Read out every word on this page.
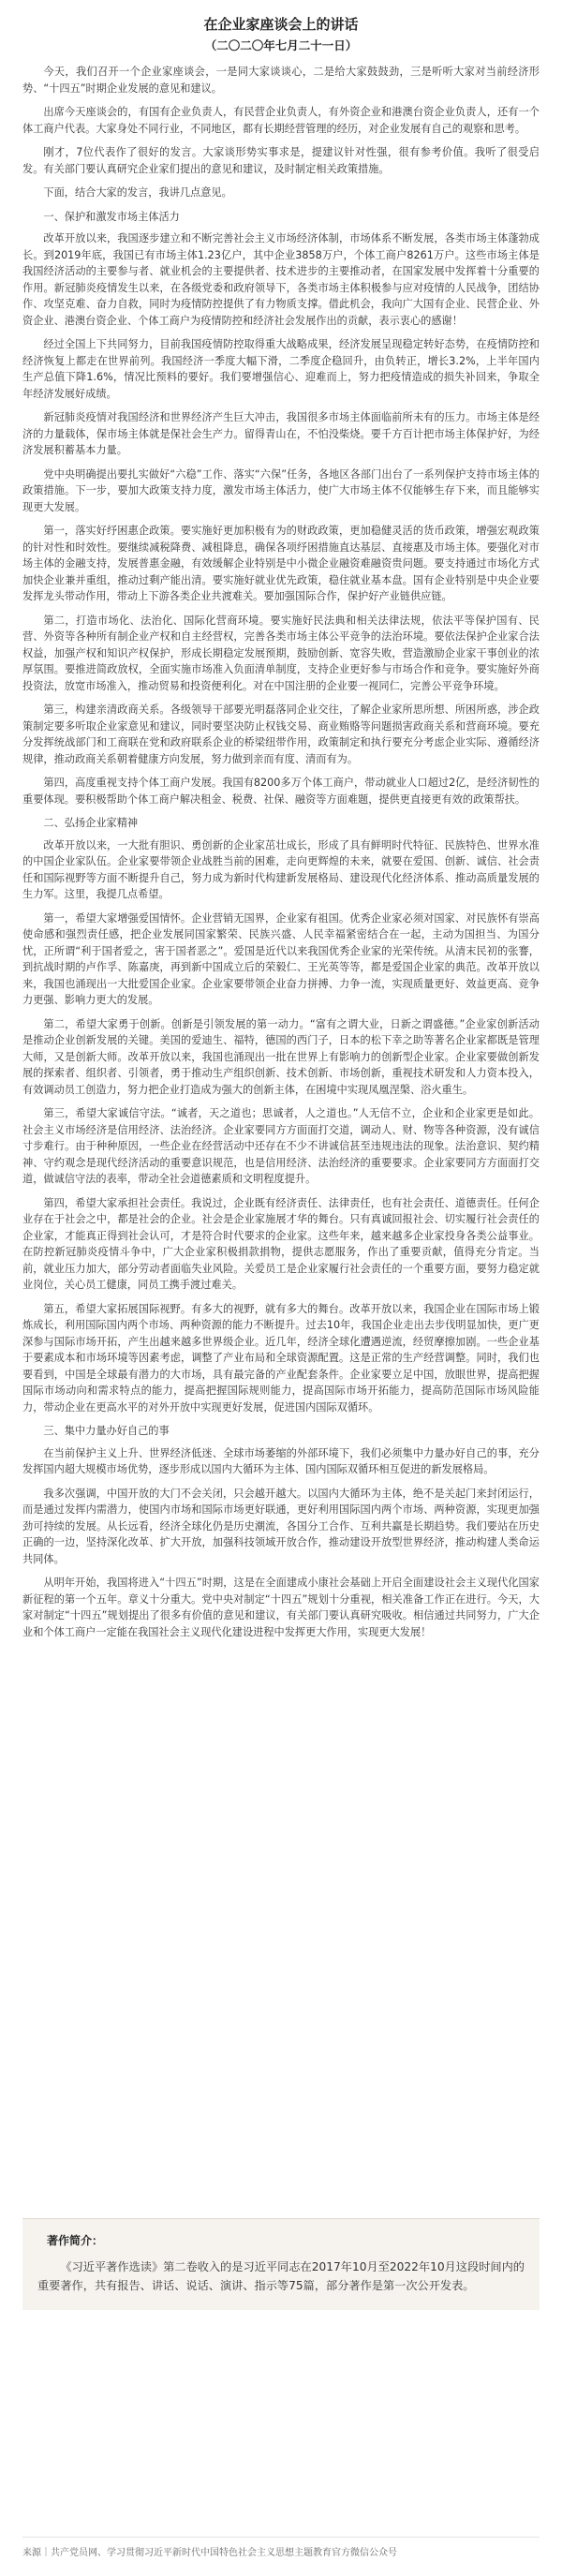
在企业家座谈会上的讲话
（二〇二〇年七月二十一日）

今天，我们召开一个企业家座谈会，一是同大家谈谈心，二是给大家鼓鼓劲，三是听听大家对当前经济形势、“十四五”时期企业发展的意见和建议。

出席今天座谈会的，有国有企业负责人，有民营企业负责人，有外资企业和港澳台资企业负责人，还有一个体工商户代表。大家身处不同行业，不同地区，都有长期经营管理的经历，对企业发展有自己的观察和思考。

刚才，7位代表作了很好的发言。大家谈形势实事求是，提建议针对性强，很有参考价值。我听了很受启发。有关部门要认真研究企业家们提出的意见和建议，及时制定相关政策措施。

下面，结合大家的发言，我讲几点意见。

一、保护和激发市场主体活力

改革开放以来，我国逐步建立和不断完善社会主义市场经济体制，市场体系不断发展，各类市场主体蓬勃成长。到2019年底，我国已有市场主体1.23亿户，其中企业3858万户，个体工商户8261万户。这些市场主体是我国经济活动的主要参与者、就业机会的主要提供者、技术进步的主要推动者，在国家发展中发挥着十分重要的作用。新冠肺炎疫情发生以来，在各级党委和政府领导下，各类市场主体积极参与应对疫情的人民战争，团结协作、攻坚克难、奋力自救，同时为疫情防控提供了有力物质支撑。借此机会，我向广大国有企业、民营企业、外资企业、港澳台资企业、个体工商户为疫情防控和经济社会发展作出的贡献，表示衷心的感谢！

经过全国上下共同努力，目前我国疫情防控取得重大战略成果，经济发展呈现稳定转好态势，在疫情防控和经济恢复上都走在世界前列。我国经济一季度大幅下滑，二季度企稳回升，由负转正，增长3.2%，上半年国内生产总值下降1.6%，情况比预料的要好。我们要增强信心、迎难而上，努力把疫情造成的损失补回来，争取全年经济发展好成绩。

新冠肺炎疫情对我国经济和世界经济产生巨大冲击，我国很多市场主体面临前所未有的压力。市场主体是经济的力量载体，保市场主体就是保社会生产力。留得青山在，不怕没柴烧。要千方百计把市场主体保护好，为经济发展积蓄基本力量。

党中央明确提出要扎实做好“六稳”工作、落实“六保”任务，各地区各部门出台了一系列保护支持市场主体的政策措施。下一步，要加大政策支持力度，激发市场主体活力，使广大市场主体不仅能够生存下来，而且能够实现更大发展。

第一，落实好纾困惠企政策。要实施好更加积极有为的财政政策，更加稳健灵活的货币政策，增强宏观政策的针对性和时效性。要继续减税降费、减租降息，确保各项纾困措施直达基层、直接惠及市场主体。要强化对市场主体的金融支持，发展普惠金融，有效缓解企业特别是中小微企业融资难融资贵问题。要支持通过市场化方式加快企业兼并重组，推动过剩产能出清。要实施好就业优先政策，稳住就业基本盘。国有企业特别是中央企业要发挥龙头带动作用，带动上下游各类企业共渡难关。要加强国际合作，保护好产业链供应链。

第二，打造市场化、法治化、国际化营商环境。要实施好民法典和相关法律法规，依法平等保护国有、民营、外资等各种所有制企业产权和自主经营权，完善各类市场主体公平竞争的法治环境。要依法保护企业家合法权益，加强产权和知识产权保护，形成长期稳定发展预期，鼓励创新、宽容失败，营造激励企业家干事创业的浓厚氛围。要推进简政放权，全面实施市场准入负面清单制度，支持企业更好参与市场合作和竞争。要实施好外商投资法，放宽市场准入，推动贸易和投资便利化。对在中国注册的企业要一视同仁，完善公平竞争环境。

第三，构建亲清政商关系。各级领导干部要光明磊落同企业交往，了解企业家所思所想、所困所惑，涉企政策制定要多听取企业家意见和建议，同时要坚决防止权钱交易、商业贿赂等问题损害政商关系和营商环境。要充分发挥统战部门和工商联在党和政府联系企业的桥梁纽带作用，政策制定和执行要充分考虑企业实际、遵循经济规律，推动政商关系朝着健康方向发展，努力做到亲而有度、清而有为。

第四，高度重视支持个体工商户发展。我国有8200多万个体工商户，带动就业人口超过2亿，是经济韧性的重要体现。要积极帮助个体工商户解决租金、税费、社保、融资等方面难题，提供更直接更有效的政策帮扶。

二、弘扬企业家精神

改革开放以来，一大批有胆识、勇创新的企业家茁壮成长，形成了具有鲜明时代特征、民族特色、世界水准的中国企业家队伍。企业家要带领企业战胜当前的困难，走向更辉煌的未来，就要在爱国、创新、诚信、社会责任和国际视野等方面不断提升自己，努力成为新时代构建新发展格局、建设现代化经济体系、推动高质量发展的生力军。这里，我提几点希望。

第一，希望大家增强爱国情怀。企业营销无国界，企业家有祖国。优秀企业家必须对国家、对民族怀有崇高使命感和强烈责任感，把企业发展同国家繁荣、民族兴盛、人民幸福紧密结合在一起，主动为国担当、为国分忧，正所谓“利于国者爱之，害于国者恶之”。爱国是近代以来我国优秀企业家的光荣传统。从清末民初的张謇，到抗战时期的卢作孚、陈嘉庚，再到新中国成立后的荣毅仁、王光英等等，都是爱国企业家的典范。改革开放以来，我国也涌现出一大批爱国企业家。企业家要带领企业奋力拼搏、力争一流，实现质量更好、效益更高、竞争力更强、影响力更大的发展。

第二，希望大家勇于创新。创新是引领发展的第一动力。“富有之谓大业，日新之谓盛德。”企业家创新活动是推动企业创新发展的关键。美国的爱迪生、福特，德国的西门子，日本的松下幸之助等著名企业家都既是管理大师，又是创新大师。改革开放以来，我国也涌现出一批在世界上有影响力的创新型企业家。企业家要做创新发展的探索者、组织者、引领者，勇于推动生产组织创新、技术创新、市场创新，重视技术研发和人力资本投入，有效调动员工创造力，努力把企业打造成为强大的创新主体，在困境中实现凤凰涅槃、浴火重生。

第三，希望大家诚信守法。“诚者，天之道也；思诚者，人之道也。”人无信不立，企业和企业家更是如此。社会主义市场经济是信用经济、法治经济。企业家要同方方面面打交道，调动人、财、物等各种资源，没有诚信寸步难行。由于种种原因，一些企业在经营活动中还存在不少不讲诚信甚至违规违法的现象。法治意识、契约精神、守约观念是现代经济活动的重要意识规范，也是信用经济、法治经济的重要要求。企业家要同方方面面打交道，做诚信守法的表率，带动全社会道德素质和文明程度提升。

第四，希望大家承担社会责任。我说过，企业既有经济责任、法律责任，也有社会责任、道德责任。任何企业存在于社会之中，都是社会的企业。社会是企业家施展才华的舞台。只有真诚回报社会、切实履行社会责任的企业家，才能真正得到社会认可，才是符合时代要求的企业家。这些年来，越来越多企业家投身各类公益事业。在防控新冠肺炎疫情斗争中，广大企业家积极捐款捐物，提供志愿服务，作出了重要贡献，值得充分肯定。当前，就业压力加大，部分劳动者面临失业风险。关爱员工是企业家履行社会责任的一个重要方面，要努力稳定就业岗位，关心员工健康，同员工携手渡过难关。

第五，希望大家拓展国际视野。有多大的视野，就有多大的舞台。改革开放以来，我国企业在国际市场上锻炼成长，利用国际国内两个市场、两种资源的能力不断提升。过去10年，我国企业走出去步伐明显加快，更广更深参与国际市场开拓，产生出越来越多世界级企业。近几年，经济全球化遭遇逆流，经贸摩擦加剧。一些企业基于要素成本和市场环境等因素考虑，调整了产业布局和全球资源配置。这是正常的生产经营调整。同时，我们也要看到，中国是全球最有潜力的大市场，具有最完备的产业配套条件。企业家要立足中国，放眼世界，提高把握国际市场动向和需求特点的能力，提高把握国际规则能力，提高国际市场开拓能力，提高防范国际市场风险能力，带动企业在更高水平的对外开放中实现更好发展，促进国内国际双循环。

三、集中力量办好自己的事

在当前保护主义上升、世界经济低迷、全球市场萎缩的外部环境下，我们必须集中力量办好自己的事，充分发挥国内超大规模市场优势，逐步形成以国内大循环为主体、国内国际双循环相互促进的新发展格局。

我多次强调，中国开放的大门不会关闭，只会越开越大。以国内大循环为主体，绝不是关起门来封闭运行，而是通过发挥内需潜力，使国内市场和国际市场更好联通，更好利用国际国内两个市场、两种资源，实现更加强劲可持续的发展。从长远看，经济全球化仍是历史潮流，各国分工合作、互利共赢是长期趋势。我们要站在历史正确的一边，坚持深化改革、扩大开放，加强科技领域开放合作，推动建设开放型世界经济，推动构建人类命运共同体。

从明年开始，我国将进入“十四五”时期，这是在全面建成小康社会基础上开启全面建设社会主义现代化国家新征程的第一个五年。章义十分重大。党中央对制定“十四五”规划十分重视，相关准备工作正在进行。今天，大家对制定“十四五”规划提出了很多有价值的意见和建议，有关部门要认真研究吸收。相信通过共同努力，广大企业和个体工商户一定能在我国社会主义现代化建设进程中发挥更大作用，实现更大发展！

著作简介：

《习近平著作选读》第二卷收入的是习近平同志在2017年10月至2022年10月这段时间内的重要著作，共有报告、讲话、说话、演讲、指示等75篇，部分著作是第一次公开发表。

来源｜共产党员网、学习贯彻习近平新时代中国特色社会主义思想主题教育官方微信公众号
